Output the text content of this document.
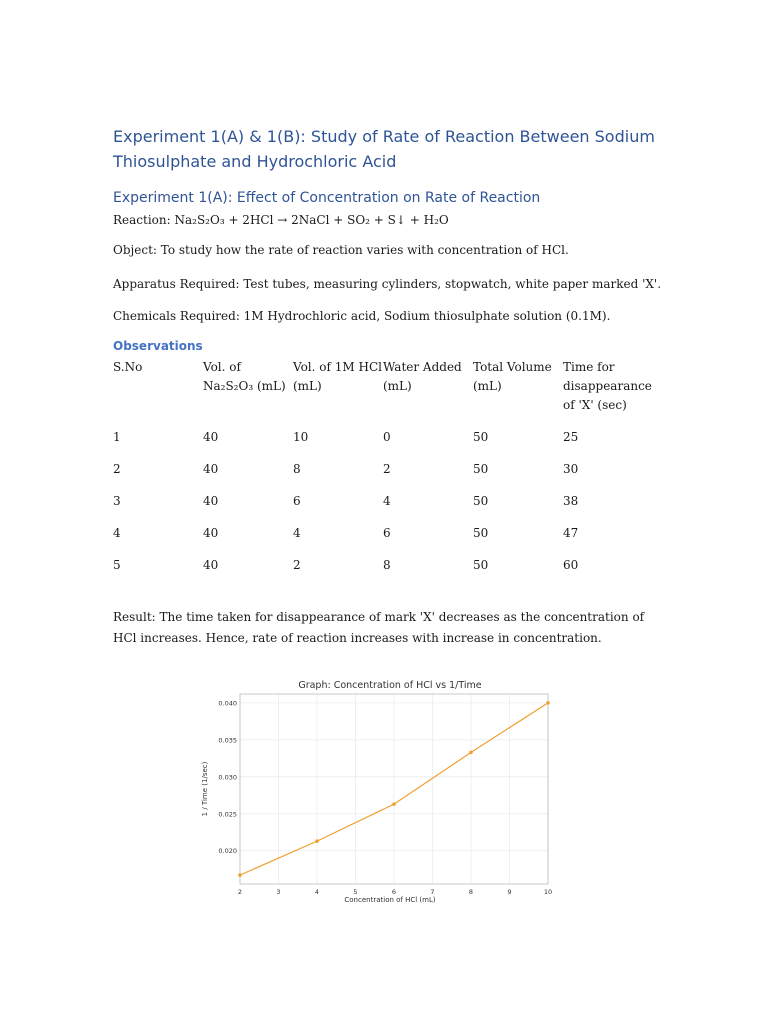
Experiment 1(A) & 1(B): Study of Rate of Reaction Between Sodium Thiosulphate and Hydrochloric Acid
Experiment 1(A): Effect of Concentration on Rate of Reaction
Reaction: Na₂S₂O₃ + 2HCl → 2NaCl + SO₂ + S↓ + H₂O
Object: To study how the rate of reaction varies with concentration of HCl.
Apparatus Required: Test tubes, measuring cylinders, stopwatch, white paper marked 'X'.
Chemicals Required: 1M Hydrochloric acid, Sodium thiosulphate solution (0.1M).
Observations
S.No	Vol. of Na₂S₂O₃ (mL)	Vol. of 1M HCl (mL)	Water Added (mL)	Total Volume (mL)	Time for disappearance of 'X' (sec)
1	40	10	0	50	25
2	40	8	2	50	30
3	40	6	4	50	38
4	40	4	6	50	47
5	40	2	8	50	60
Result: The time taken for disappearance of mark 'X' decreases as the concentration of HCl increases. Hence, rate of reaction increases with increase in concentration.
Graph: Concentration of HCl vs 1/Time
2	3	4	5	6	7	8	9	10
0.020
0.025
0.030
0.035
0.040
Concentration of HCl (mL)
1 / Time (1/sec)
